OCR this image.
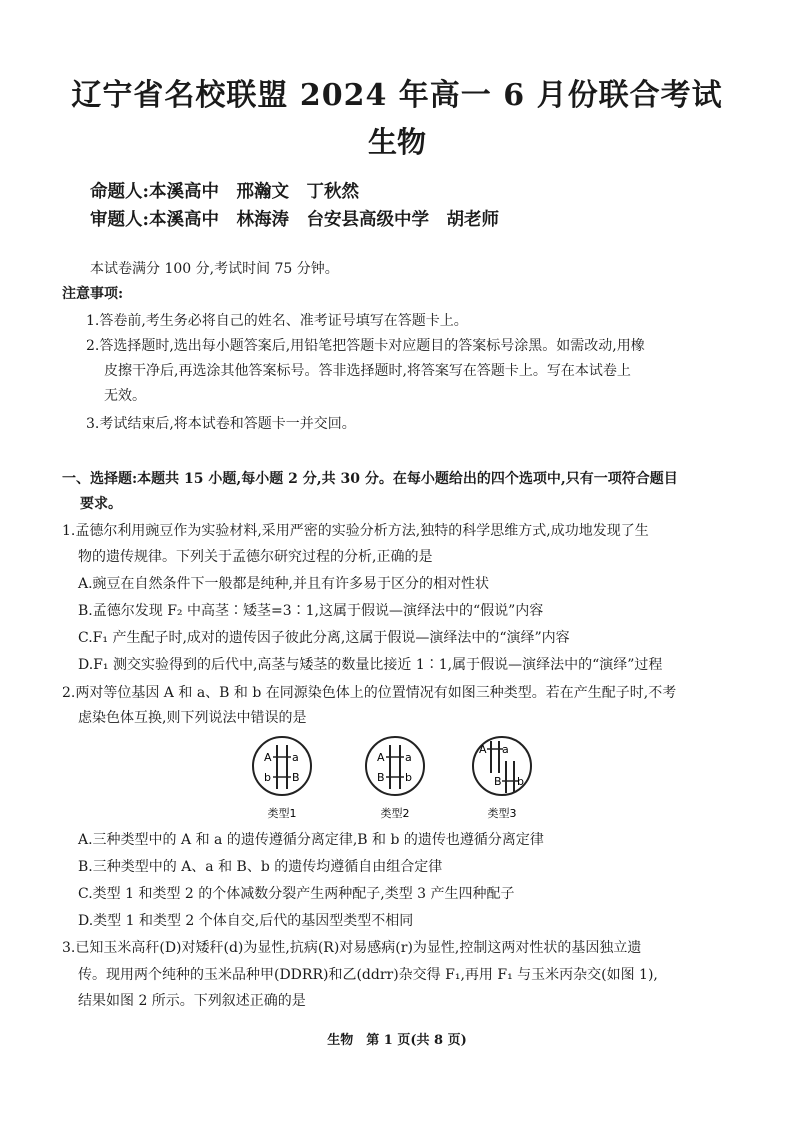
辽宁省名校联盟 2024 年高一 6 月份联合考试
生物
命题人:本溪高中　邢瀚文　丁秋然
审题人:本溪高中　林海涛　台安县高级中学　胡老师
本试卷满分 100 分,考试时间 75 分钟。
注意事项:
1.答卷前,考生务必将自己的姓名、准考证号填写在答题卡上。
2.答选择题时,选出每小题答案后,用铅笔把答题卡对应题目的答案标号涂黑。如需改动,用橡
皮擦干净后,再选涂其他答案标号。答非选择题时,将答案写在答题卡上。写在本试卷上
无效。
3.考试结束后,将本试卷和答题卡一并交回。
一、选择题:本题共 15 小题,每小题 2 分,共 30 分。在每小题给出的四个选项中,只有一项符合题目
要求。
1.孟德尔利用豌豆作为实验材料,采用严密的实验分析方法,独特的科学思维方式,成功地发现了生
物的遗传规律。下列关于孟德尔研究过程的分析,正确的是
A.豌豆在自然条件下一般都是纯种,并且有许多易于区分的相对性状
B.孟德尔发现 F₂ 中高茎∶矮茎=3∶1,这属于假说—演绎法中的“假说”内容
C.F₁ 产生配子时,成对的遗传因子彼此分离,这属于假说—演绎法中的“演绎”内容
D.F₁ 测交实验得到的后代中,高茎与矮茎的数量比接近 1∶1,属于假说—演绎法中的“演绎”过程
2.两对等位基因 A 和 a、B 和 b 在同源染色体上的位置情况有如图三种类型。若在产生配子时,不考
虑染色体互换,则下列说法中错误的是
A a
b B
类型1
A a
B b
类型2
A a
B b
类型3
A.三种类型中的 A 和 a 的遗传遵循分离定律,B 和 b 的遗传也遵循分离定律
B.三种类型中的 A、a 和 B、b 的遗传均遵循自由组合定律
C.类型 1 和类型 2 的个体减数分裂产生两种配子,类型 3 产生四种配子
D.类型 1 和类型 2 个体自交,后代的基因型类型不相同
3.已知玉米高秆(D)对矮秆(d)为显性,抗病(R)对易感病(r)为显性,控制这两对性状的基因独立遗
传。现用两个纯种的玉米品种甲(DDRR)和乙(ddrr)杂交得 F₁,再用 F₁ 与玉米丙杂交(如图 1),
结果如图 2 所示。下列叙述正确的是
生物　第 1 页(共 8 页)
